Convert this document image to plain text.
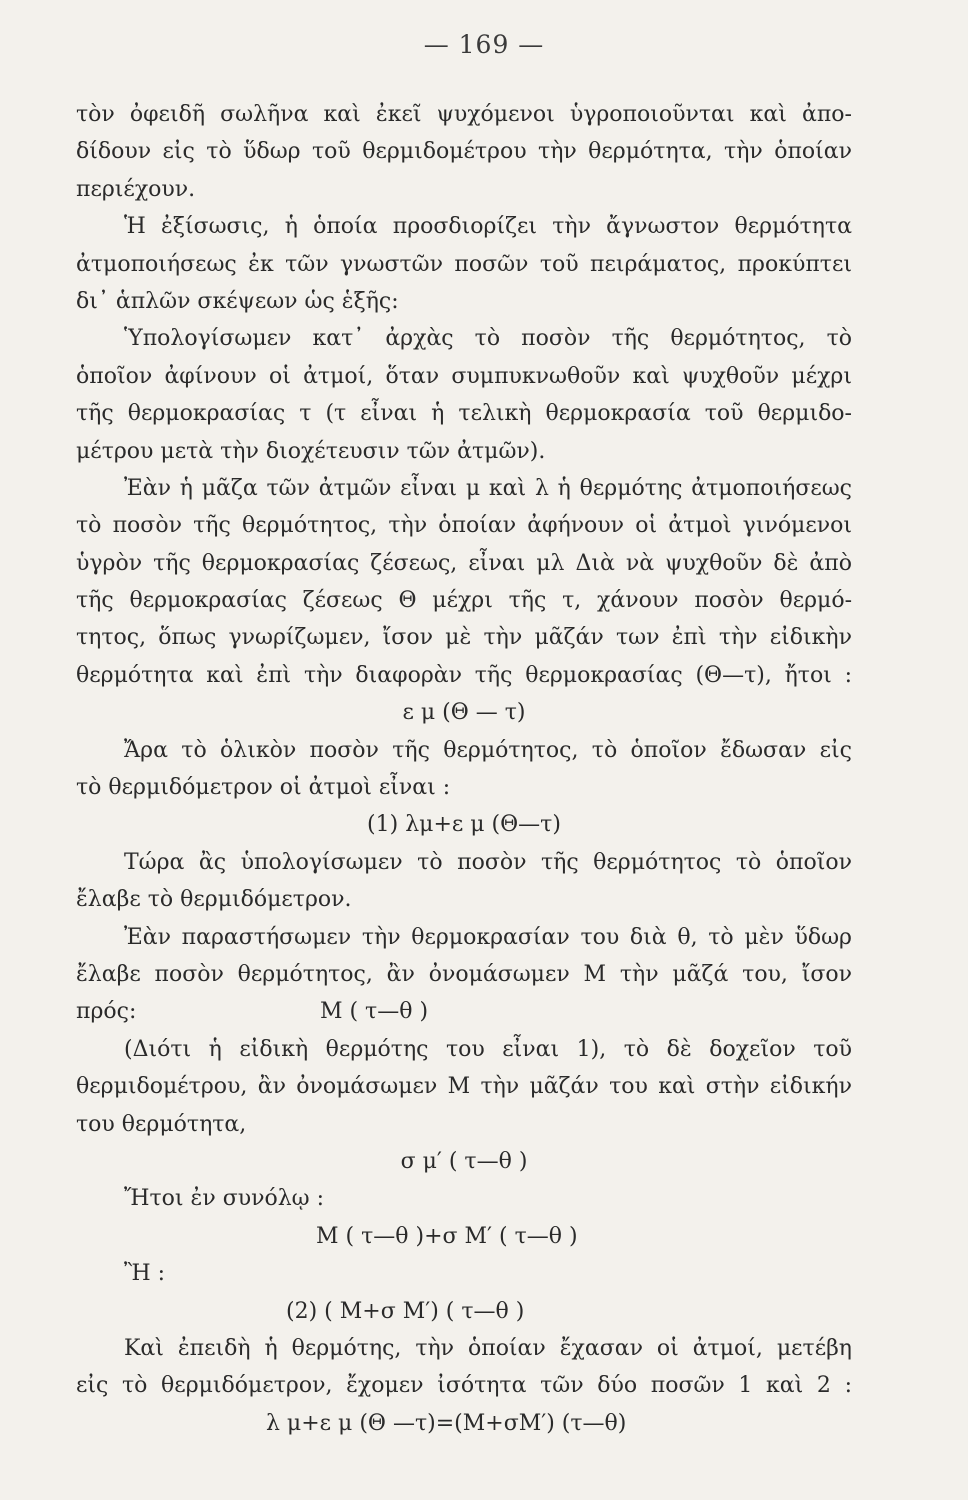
— 169 —
τὸν ὀφειδῆ σωλῆνα καὶ ἐκεῖ ψυχόμενοι ὑγροποιοῦνται καὶ ἀπο-
δίδουν εἰς τὸ ὕδωρ τοῦ θερμιδομέτρου τὴν θερμότητα, τὴν ὁποίαν
περιέχουν.
Ἡ ἐξίσωσις, ἡ ὁποία προσδιορίζει τὴν ἄγνωστον θερμότητα
ἀτμοποιήσεως ἐκ τῶν γνωστῶν ποσῶν τοῦ πειράματος, προκύπτει
δι᾽ ἁπλῶν σκέψεων ὡς ἑξῆς:
Ὑπολογίσωμεν κατ᾽ ἀρχὰς τὸ ποσὸν τῆς θερμότητος, τὸ
ὁποῖον ἀφίνουν οἱ ἀτμοί, ὅταν συμπυκνωθοῦν καὶ ψυχθοῦν μέχρι
τῆς θερμοκρασίας τ (τ εἶναι ἡ τελικὴ θερμοκρασία τοῦ θερμιδο-
μέτρου μετὰ τὴν διοχέτευσιν τῶν ἀτμῶν).
Ἐὰν ἡ μᾶζα τῶν ἀτμῶν εἶναι μ καὶ λ ἡ θερμότης ἀτμοποιήσεως
τὸ ποσὸν τῆς θερμότητος, τὴν ὁποίαν ἀφήνουν οἱ ἀτμοὶ γινόμενοι
ὑγρὸν τῆς θερμοκρασίας ζέσεως, εἶναι μλ Διὰ νὰ ψυχθοῦν δὲ ἀπὸ
τῆς θερμοκρασίας ζέσεως Θ μέχρι τῆς τ, χάνουν ποσὸν θερμό-
τητος, ὅπως γνωρίζωμεν, ἴσον μὲ τὴν μᾶζάν των ἐπὶ τὴν εἰδικὴν
θερμότητα καὶ ἐπὶ τὴν διαφορὰν τῆς θερμοκρασίας (Θ—τ), ἤτοι :
ε μ (Θ — τ)
Ἄρα τὸ ὁλικὸν ποσὸν τῆς θερμότητος, τὸ ὁποῖον ἔδωσαν εἰς
τὸ θερμιδόμετρον οἱ ἀτμοὶ εἶναι :
(1) λμ+ε μ (Θ—τ)
Τώρα ἂς ὑπολογίσωμεν τὸ ποσὸν τῆς θερμότητος τὸ ὁποῖον
ἔλαβε τὸ θερμιδόμετρον.
Ἐὰν παραστήσωμεν τὴν θερμοκρασίαν του διὰ θ, τὸ μὲν ὕδωρ
ἔλαβε ποσὸν θερμότητος, ἂν ὀνομάσωμεν Μ τὴν μᾶζά του, ἴσον
πρός:	Μ ( τ—θ )
(Διότι ἡ εἰδικὴ θερμότης του εἶναι 1), τὸ δὲ δοχεῖον τοῦ
θερμιδομέτρου, ἂν ὀνομάσωμεν Μ τὴν μᾶζάν του καὶ στὴν εἰδικήν
του θερμότητα,
σ μ′ ( τ—θ )
Ἤτοι ἐν συνόλῳ :
Μ ( τ—θ )+σ Μ′ ( τ—θ )
Ἢ :
(2) ( Μ+σ Μ′) ( τ—θ )
Καὶ ἐπειδὴ ἡ θερμότης, τὴν ὁποίαν ἔχασαν οἱ ἀτμοί, μετέβη
εἰς τὸ θερμιδόμετρον, ἔχομεν ἰσότητα τῶν δύο ποσῶν 1 καὶ 2 :
λ μ+ε μ (Θ —τ)=(Μ+σΜ′) (τ—θ)
